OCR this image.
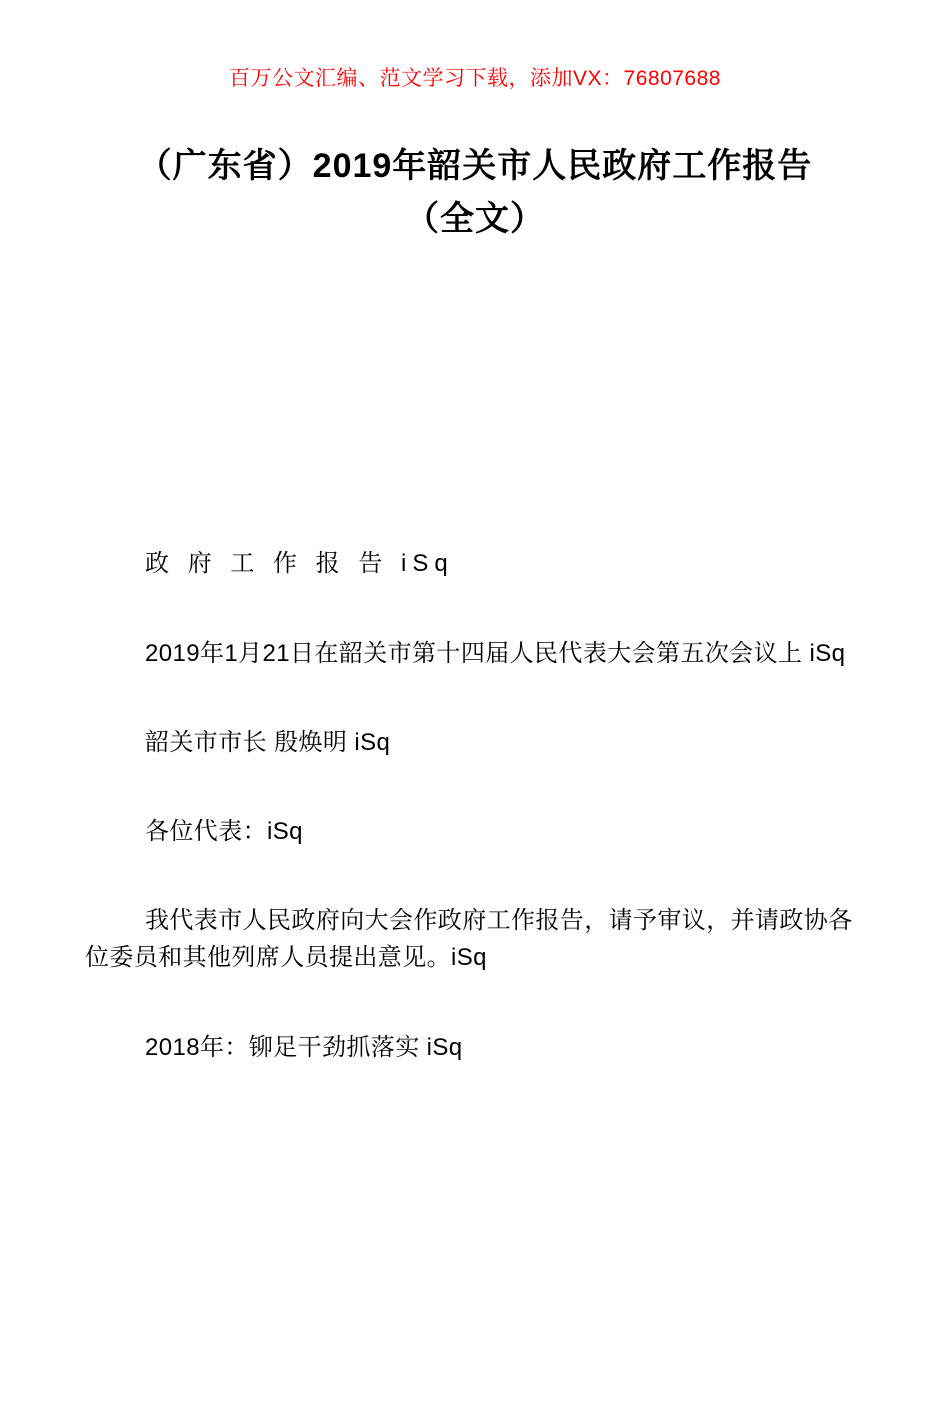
百万公文汇编、范文学习下载，添加VX：76807688
（广东省）2019年韶关市人民政府工作报告（全文）

政 府 工 作 报 告 iSq

2019年1月21日在韶关市第十四届人民代表大会第五次会议上 iSq

韶关市市长 殷焕明 iSq

各位代表：iSq

我代表市人民政府向大会作政府工作报告，请予审议，并请政协各位委员和其他列席人员提出意见。iSq

2018年：铆足干劲抓落实 iSq
